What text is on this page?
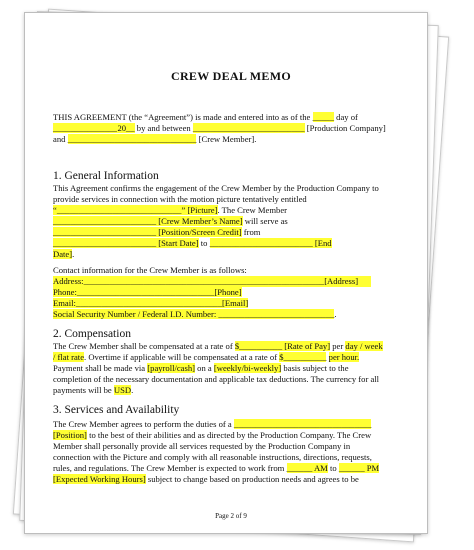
CREW DEAL MEMO
THIS AGREEMENT (the “Agreement”) is made and entered into as of the _____ day of
_______________20__ by and between __________________________ [Production Company]
and ______________________________ [Crew Member].
1. General Information
This Agreement confirms the engagement of the Crew Member by the Production Company to
provide services in connection with the motion picture tentatively entitled
“_____________________________” [Picture]. The Crew Member
________________________ [Crew Member’s Name] will serve as
________________________ [Position/Screen Credit] from
________________________ [Start Date] to ________________________ [End
Date].
Contact information for the Crew Member is as follows:
Address:________________________________________________________[Address]
Phone:________________________________[Phone]
Email:__________________________________[Email]
Social Security Number / Federal I.D. Number: ___________________________.
2. Compensation
The Crew Member shall be compensated at a rate of $__________ [Rate of Pay] per day / week
/ flat rate. Overtime if applicable will be compensated at a rate of $__________ per hour.
Payment shall be made via [payroll/cash] on a [weekly/bi-weekly] basis subject to the
completion of the necessary documentation and applicable tax deductions. The currency for all
payments will be USD.
3. Services and Availability
The Crew Member agrees to perform the duties of a ________________________________
[Position] to the best of their abilities and as directed by the Production Company. The Crew
Member shall personally provide all services requested by the Production Company in
connection with the Picture and comply with all reasonable instructions, directions, requests,
rules, and regulations. The Crew Member is expected to work from ______ AM to ______ PM
[Expected Working Hours] subject to change based on production needs and agrees to be
Page 2 of 9
